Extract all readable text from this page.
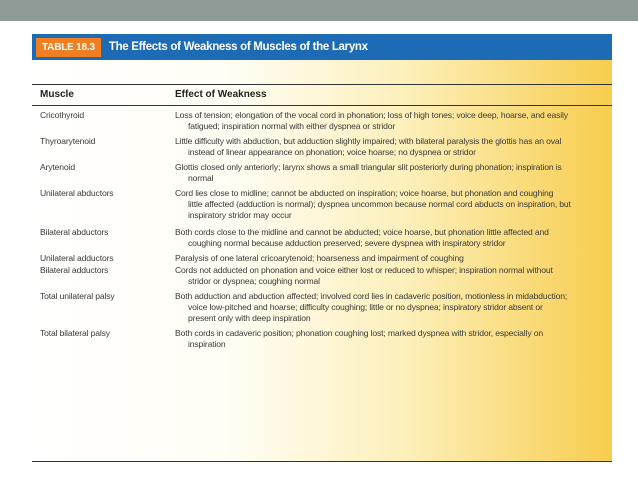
TABLE 18.3	The Effects of Weakness of Muscles of the Larynx
Muscle	Effect of Weakness
Cricothyroid	Loss of tension; elongation of the vocal cord in phonation; loss of high tones; voice deep, hoarse, and easily
fatigued; inspiration normal with either dyspnea or stridor
Thyroarytenoid	Little difficulty with abduction, but adduction slightly impaired; with bilateral paralysis the glottis has an oval
instead of linear appearance on phonation; voice hoarse; no dyspnea or stridor
Arytenoid	Glottis closed only anteriorly; larynx shows a small triangular slit posteriorly during phonation; inspiration is
normal
Unilateral abductors	Cord lies close to midline; cannot be abducted on inspiration; voice hoarse, but phonation and coughing
little affected (adduction is normal); dyspnea uncommon because normal cord abducts on inspiration, but
inspiratory stridor may occur
Bilateral abductors	Both cords close to the midline and cannot be abducted; voice hoarse, but phonation little affected and
coughing normal because adduction preserved; severe dyspnea with inspiratory stridor
Unilateral adductors	Paralysis of one lateral cricoarytenoid; hoarseness and impairment of coughing
Bilateral adductors	Cords not adducted on phonation and voice either lost or reduced to whisper; inspiration normal without
stridor or dyspnea; coughing normal
Total unilateral palsy	Both adduction and abduction affected; involved cord lies in cadaveric position, motionless in midabduction;
voice low-pitched and hoarse; difficulty coughing; little or no dyspnea; inspiratory stridor absent or
present only with deep inspiration
Total bilateral palsy	Both cords in cadaveric position; phonation coughing lost; marked dyspnea with stridor, especially on
inspiration
